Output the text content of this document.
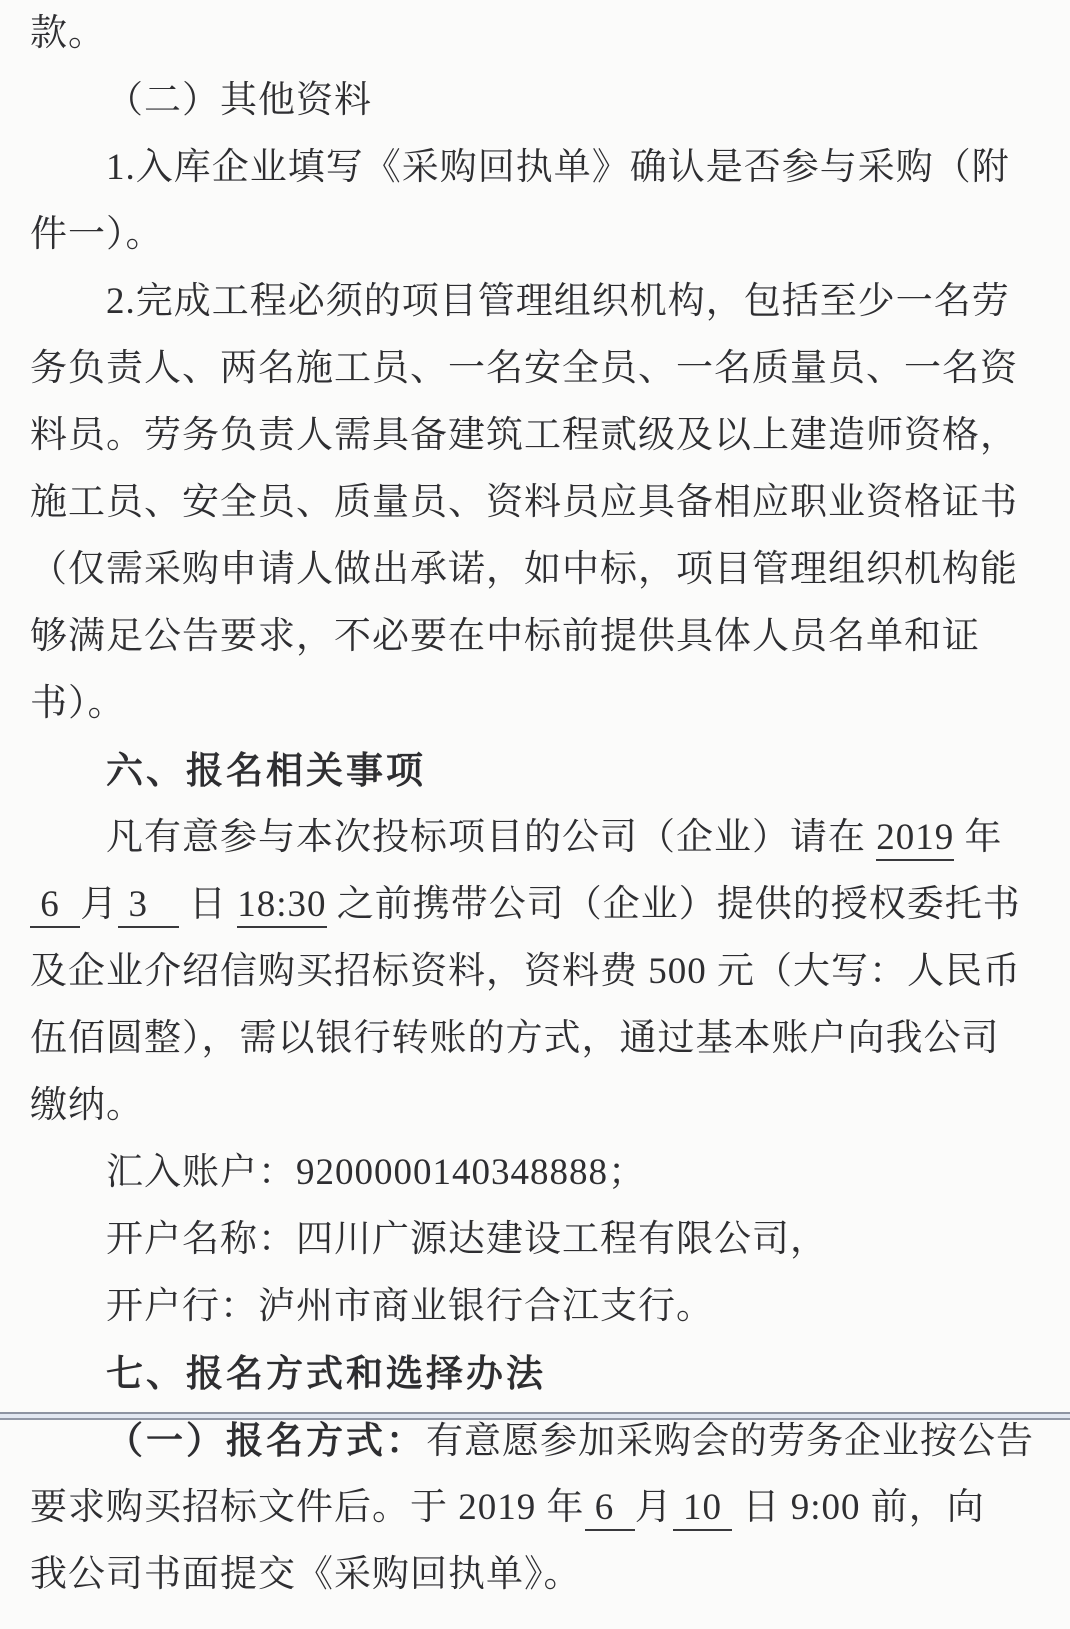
款。
（二）其他资料
1.入库企业填写《采购回执单》确认是否参与采购（附
件一）。
2.完成工程必须的项目管理组织机构，包括至少一名劳
务负责人、两名施工员、一名安全员、一名质量员、一名资
料员。劳务负责人需具备建筑工程贰级及以上建造师资格，
施工员、安全员、质量员、资料员应具备相应职业资格证书
（仅需采购申请人做出承诺，如中标，项目管理组织机构能
够满足公告要求，不必要在中标前提供具体人员名单和证
书）。
六、报名相关事项
凡有意参与本次投标项目的公司（企业）请在 2019 年
6  月 3    日 18:30 之前携带公司（企业）提供的授权委托书
及企业介绍信购买招标资料，资料费 500 元（大写：人民币
伍佰圆整），需以银行转账的方式，通过基本账户向我公司
缴纳。
汇入账户：9200000140348888；
开户名称：四川广源达建设工程有限公司，
开户行：泸州市商业银行合江支行。
七、报名方式和选择办法
（一）报名方式：有意愿参加采购会的劳务企业按公告
要求购买招标文件后。于 2019 年 6  月 10  日 9:00 前，向
我公司书面提交《采购回执单》。
